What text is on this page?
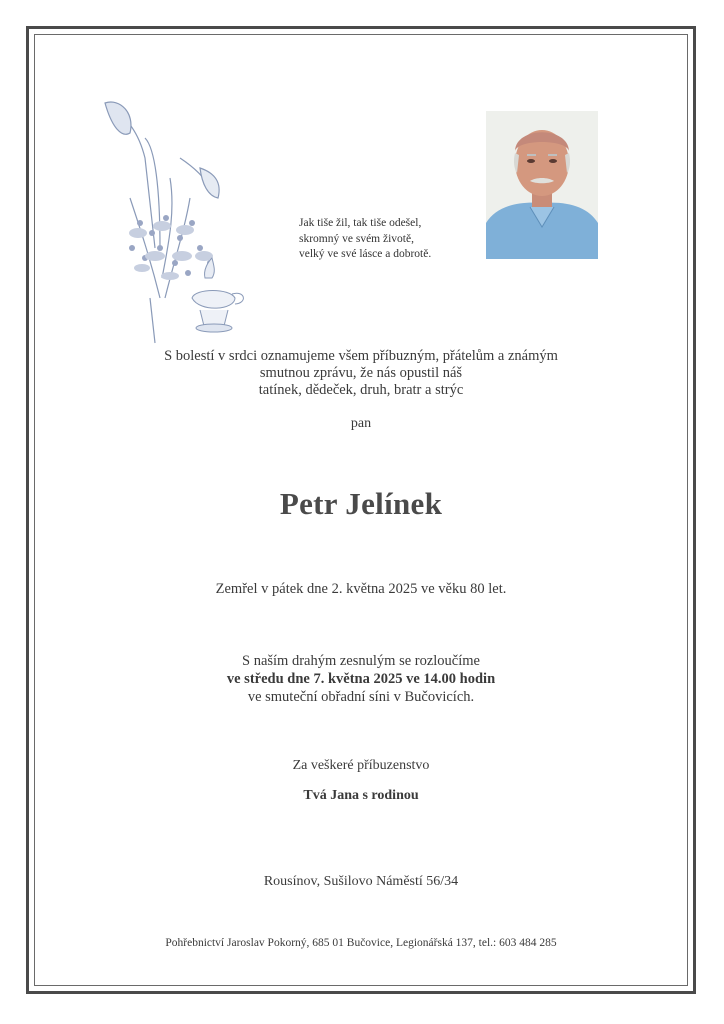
Jak tiše žil, tak tiše odešel,
skromný ve svém životě,
velký ve své lásce a dobrotě.
S bolestí v srdci oznamujeme všem příbuzným, přátelům a známým
smutnou zprávu, že nás opustil náš
tatínek, dědeček, druh, bratr a strýc
pan
Petr Jelínek
Zemřel v pátek dne 2. května 2025 ve věku 80 let.
S naším drahým zesnulým se rozloučíme
ve středu dne 7. května 2025 ve 14.00 hodin
ve smuteční obřadní síni v Bučovicích.
Za veškeré příbuzenstvo
Tvá Jana s rodinou
Rousínov, Sušilovo Náměstí 56/34
Pohřebnictví Jaroslav Pokorný, 685 01 Bučovice, Legionářská 137, tel.: 603 484 285
